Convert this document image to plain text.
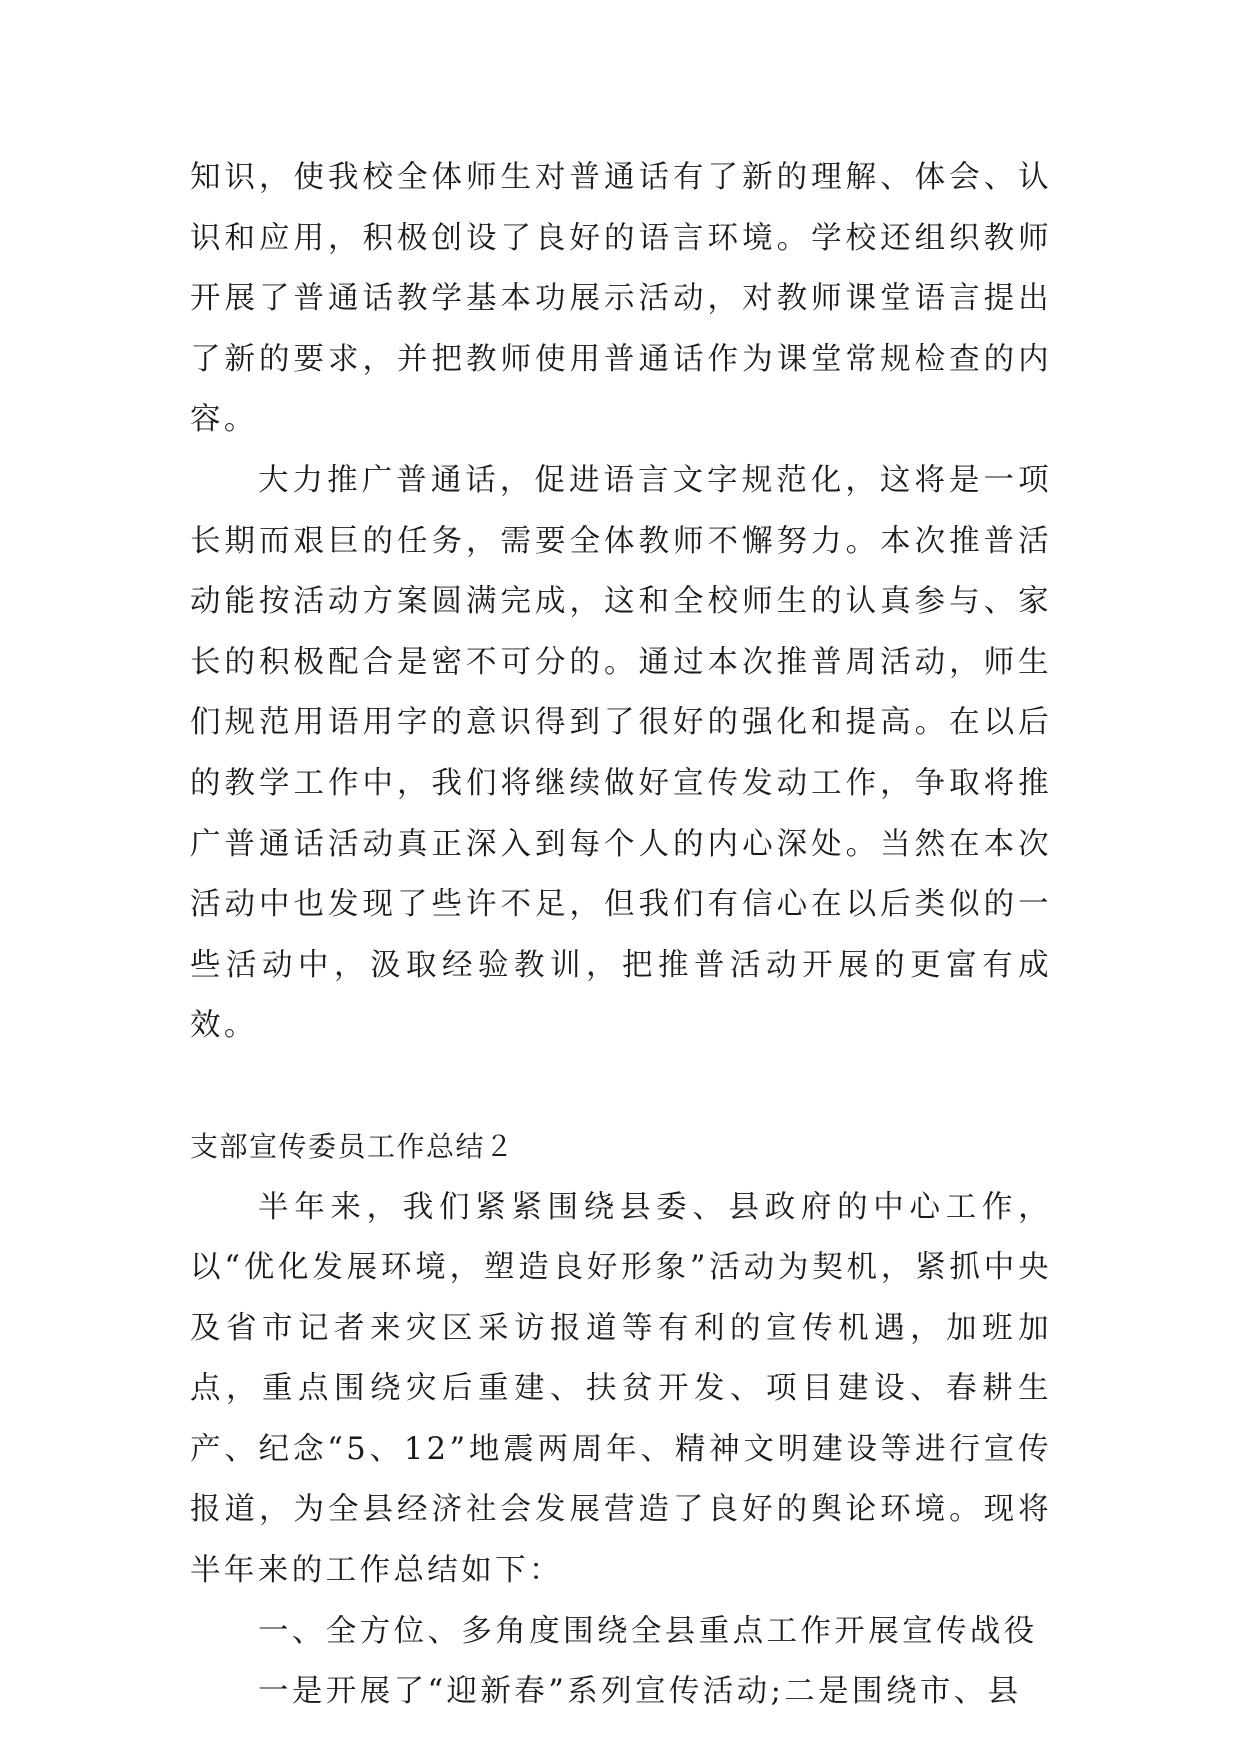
知识，使我校全体师生对普通话有了新的理解、体会、认识和应用，积极创设了良好的语言环境。学校还组织教师开展了普通话教学基本功展示活动，对教师课堂语言提出了新的要求，并把教师使用普通话作为课堂常规检查的内容。

大力推广普通话，促进语言文字规范化，这将是一项长期而艰巨的任务，需要全体教师不懈努力。本次推普活动能按活动方案圆满完成，这和全校师生的认真参与、家长的积极配合是密不可分的。通过本次推普周活动，师生们规范用语用字的意识得到了很好的强化和提高。在以后的教学工作中，我们将继续做好宣传发动工作，争取将推广普通话活动真正深入到每个人的内心深处。当然在本次活动中也发现了些许不足，但我们有信心在以后类似的一些活动中，汲取经验教训，把推普活动开展的更富有成效。

支部宣传委员工作总结２

半年来，我们紧紧围绕县委、县政府的中心工作，以“优化发展环境，塑造良好形象”活动为契机，紧抓中央及省市记者来灾区采访报道等有利的宣传机遇，加班加点，重点围绕灾后重建、扶贫开发、项目建设、春耕生产、纪念“5、12”地震两周年、精神文明建设等进行宣传报道，为全县经济社会发展营造了良好的舆论环境。现将半年来的工作总结如下：

一、全方位、多角度围绕全县重点工作开展宣传战役

一是开展了“迎新春”系列宣传活动;二是围绕市、县
